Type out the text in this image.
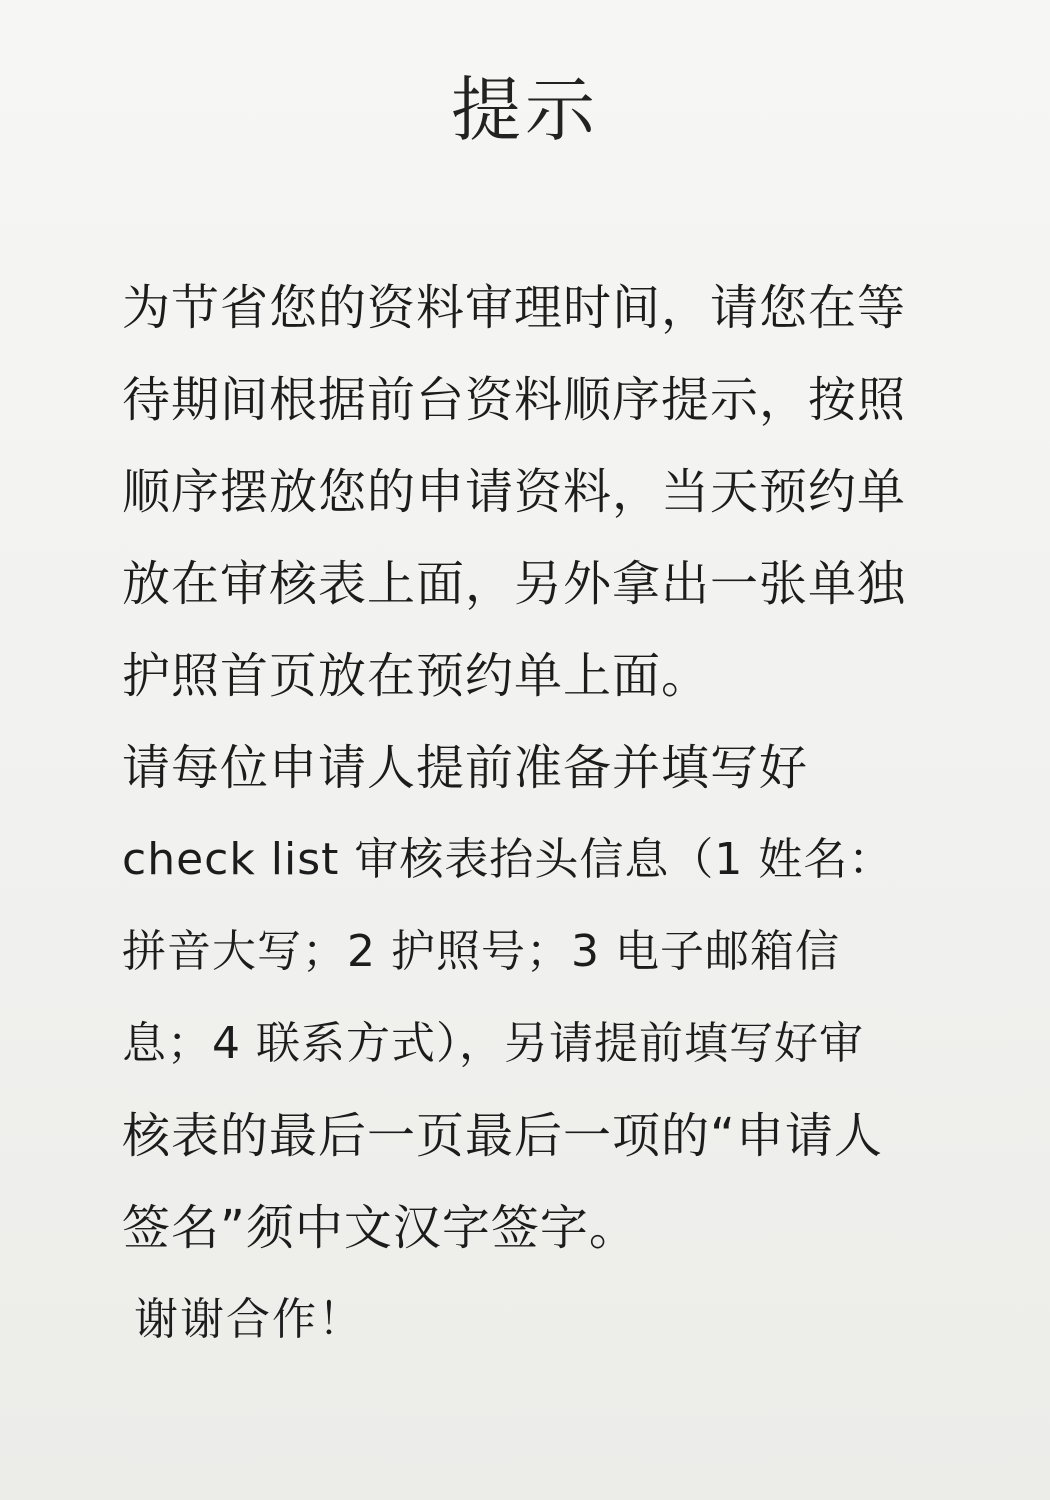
提示
为节省您的资料审理时间，请您在等
待期间根据前台资料顺序提示，按照
顺序摆放您的申请资料，当天预约单
放在审核表上面，另外拿出一张单独
护照首页放在预约单上面。
请每位申请人提前准备并填写好
check list 审核表抬头信息（1 姓名：
拼音大写；2 护照号；3 电子邮箱信
息；4 联系方式），另请提前填写好审
核表的最后一页最后一项的“申请人
签名”须中文汉字签字。
谢谢合作！
